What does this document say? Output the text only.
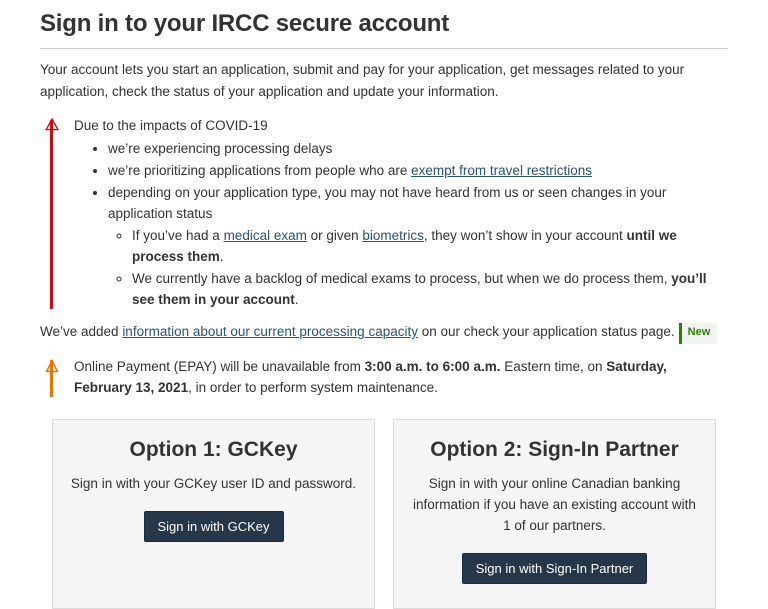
Sign in to your IRCC secure account

Your account lets you start an application, submit and pay for your application, get messages related to your application, check the status of your application and update your information.

⚠ Due to the impacts of COVID-19

• we’re experiencing processing delays
• we’re prioritizing applications from people who are exempt from travel restrictions
• depending on your application type, you may not have heard from us or seen changes in your application status
◦ If you’ve had a medical exam or given biometrics, they won’t show in your account until we process them.
◦ We currently have a backlog of medical exams to process, but when we do process them, you’ll see them in your account.

We’ve added information about our current processing capacity on our check your application status page. New

△ Online Payment (EPAY) will be unavailable from 3:00 a.m. to 6:00 a.m. Eastern time, on Saturday, February 13, 2021, in order to perform system maintenance.

Option 1: GCKey

Sign in with your GCKey user ID and password.

Sign in with GCKey
Option 2: Sign-In Partner

Sign in with your online Canadian banking information if you have an existing account with 1 of our partners.

Sign in with Sign-In Partner
